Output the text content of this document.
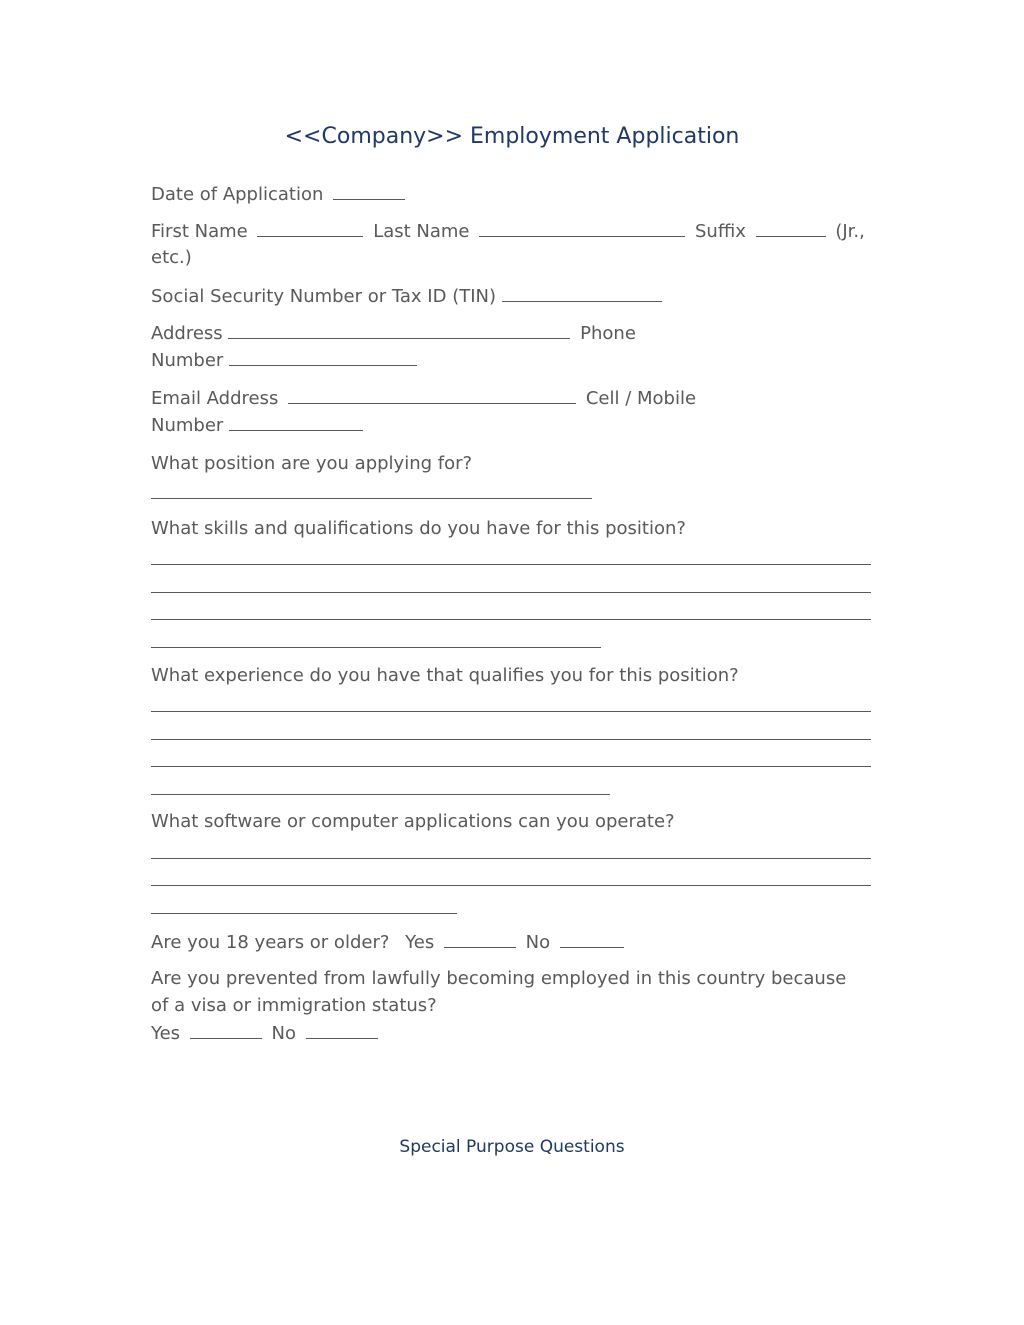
<<Company>> Employment Application
Date of Application
First Name	Last Name	Suffix	(Jr.,
etc.)
Social Security Number or Tax ID (TIN)
Address	Phone
Number
Email Address	Cell / Mobile
Number
What position are you applying for?
What skills and qualifications do you have for this position?
What experience do you have that qualifies you for this position?
What software or computer applications can you operate?
Are you 18 years or older? Yes	No
Are you prevented from lawfully becoming employed in this country because
of a visa or immigration status?
Yes	No
Special Purpose Questions
